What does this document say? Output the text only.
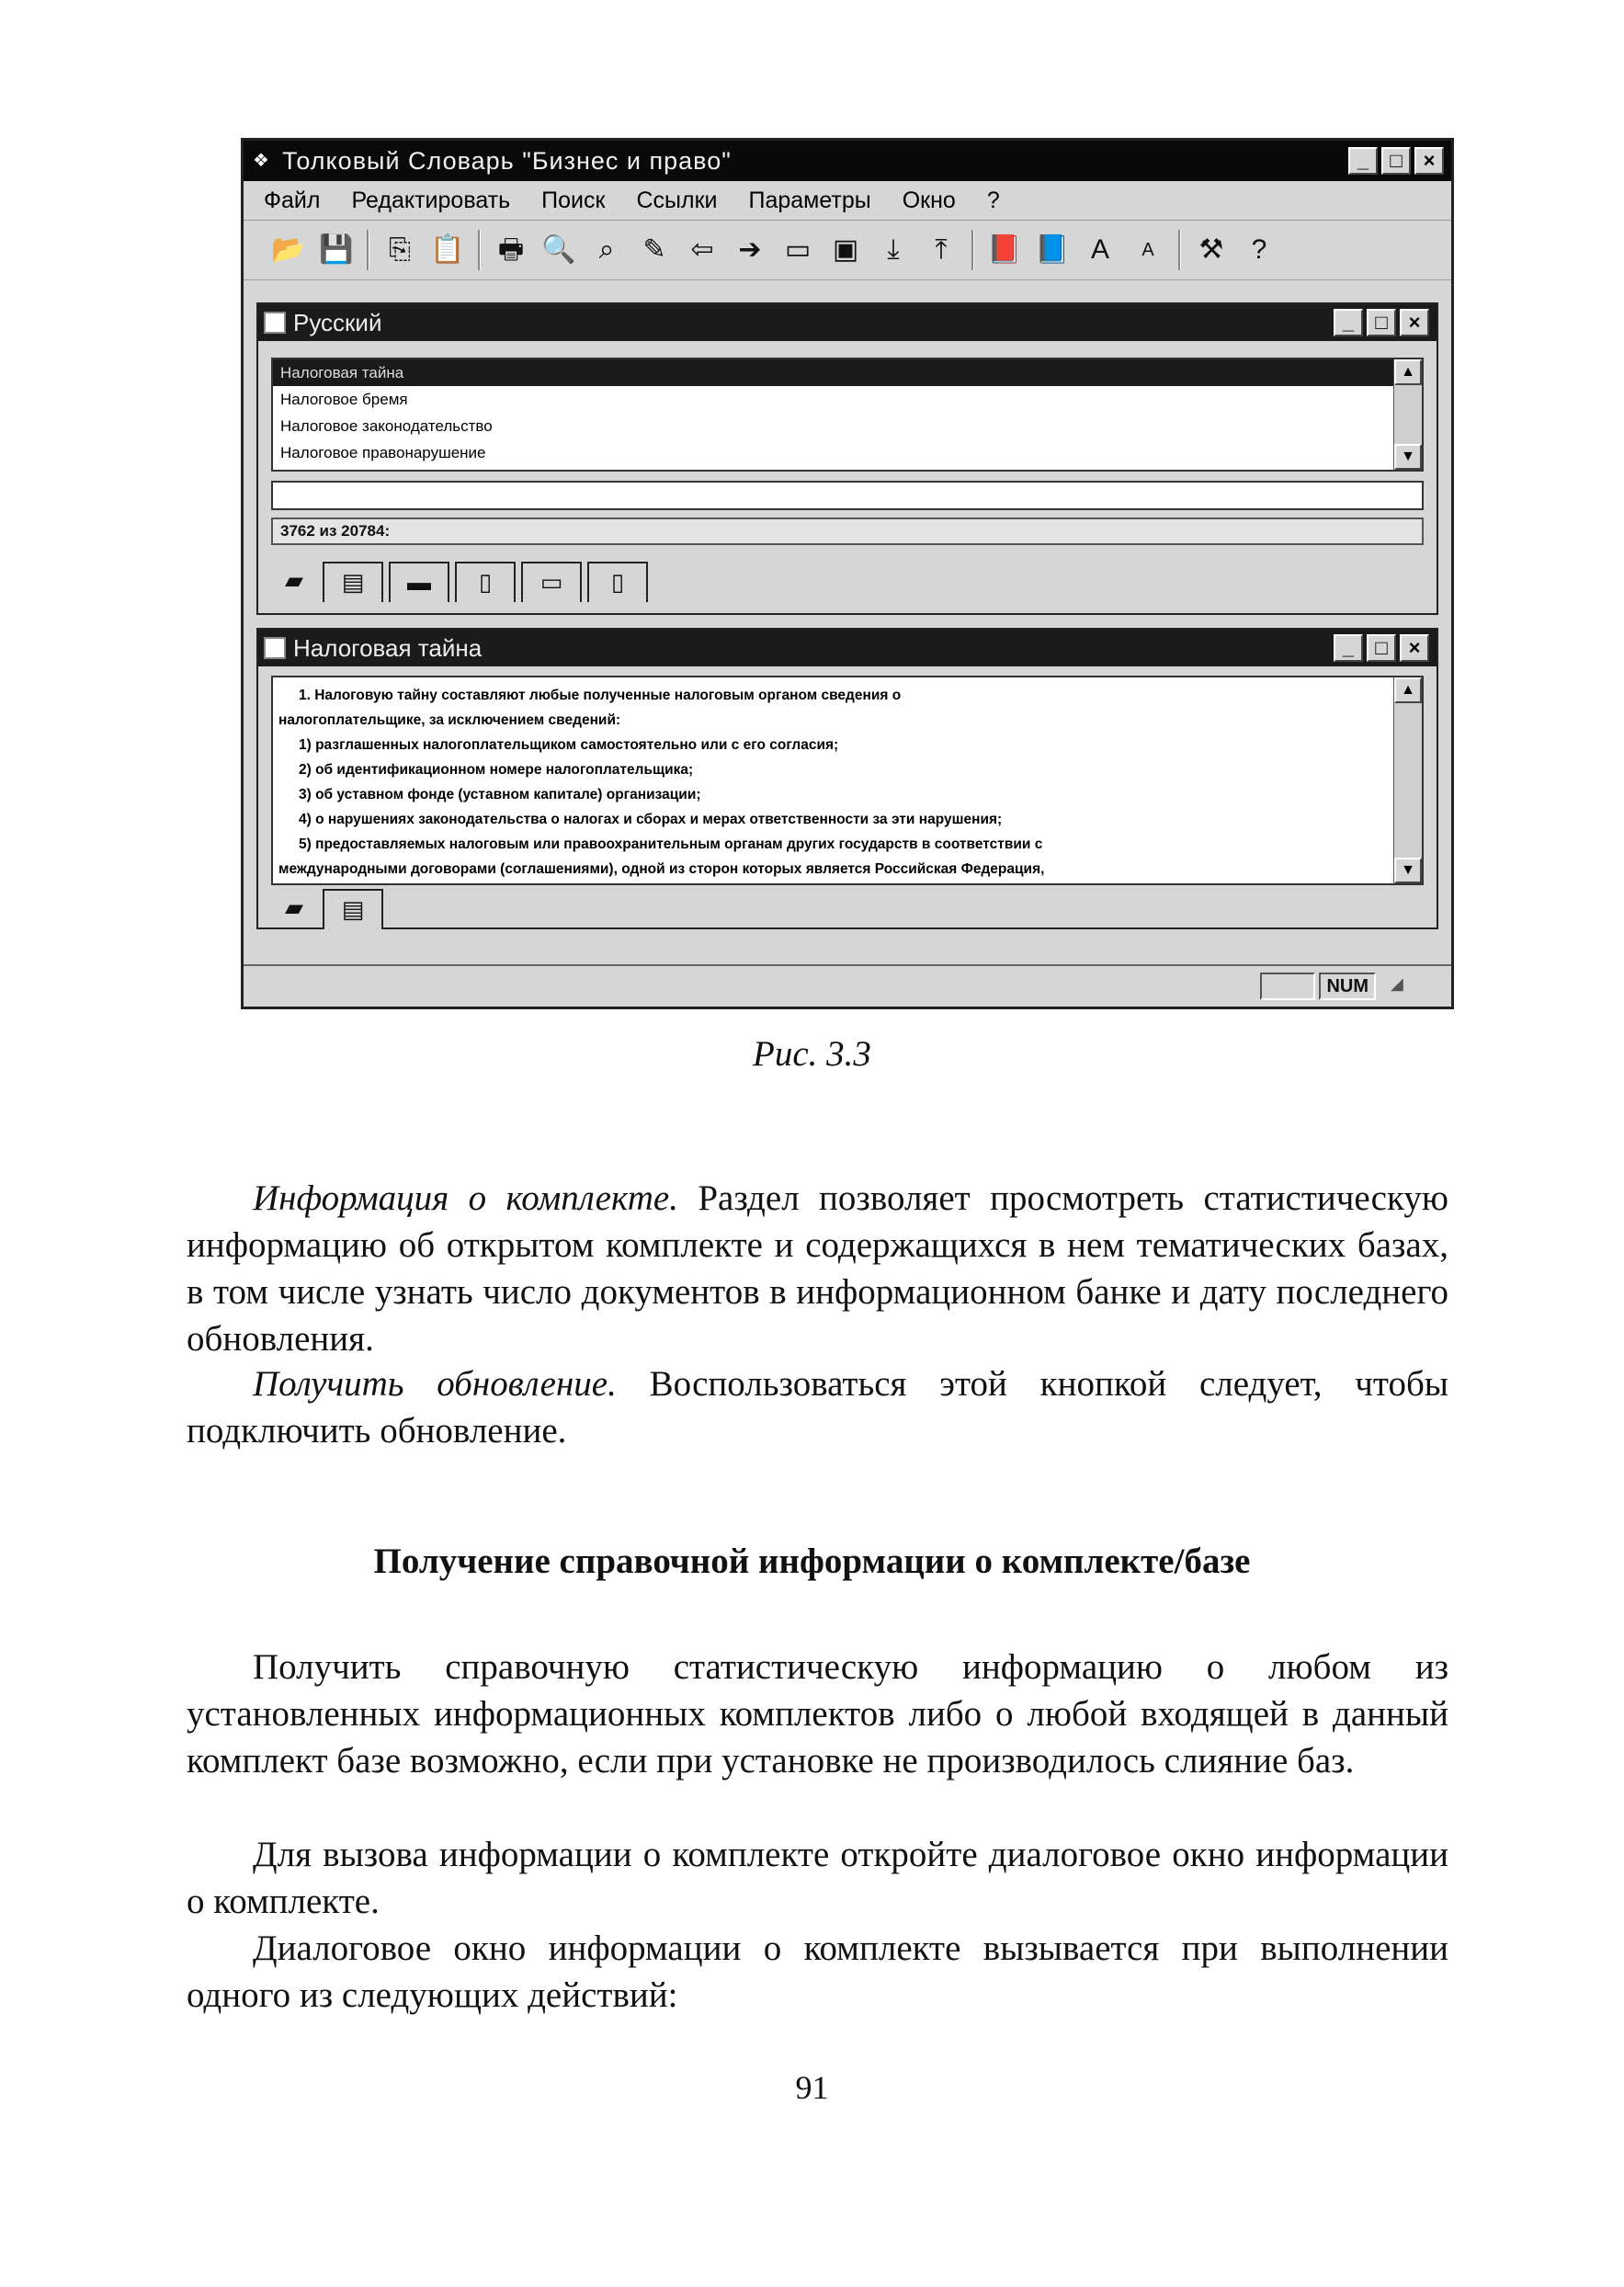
❖ Толковый Словарь "Бизнес и право"	_	□	×
Файл Редактировать Поиск Ссылки Параметры Окно ?
📂 💾 ⎘ 📋 🖶 🔍 ⌕	✎ ⇦ ➔ ▭ ▣	⤓	⤒	📕 📘 A	A	⚒	?
Русский	_	□	×
Налоговая тайна
Налоговое бремя
Налоговое законодательство
Налоговое правонарушение
▲
▼
3762 из 20784:
▰	▤	▬	▯	▭	▯
Налоговая тайна	_	□	×
1. Налоговую тайну составляют любые полученные налоговым органом сведения о
налогоплательщике, за исключением сведений:
1) разглашенных налогоплательщиком самостоятельно или с его согласия;
2) об идентификационном номере налогоплательщика;
3) об уставном фонде (уставном капитале) организации;
4) о нарушениях законодательства о налогах и сборах и мерах ответственности за эти нарушения;
5) предоставляемых налоговым или правоохранительным органам других государств в соответствии с
международными договорами (соглашениями), одной из сторон которых является Российская Федерация,
▲
▼
▰	▤
NUM	◢
Рис. 3.3

Информация о комплекте. Раздел позволяет просмотреть статистическую информацию об открытом комплекте и содержащихся в нем тематических базах, в том числе узнать число документов в информационном банке и дату последнего обновления.

Получить обновление. Воспользоваться этой кнопкой следует, чтобы подключить обновление.

Получение справочной информации о комплекте/базе

Получить справочную статистическую информацию о любом из установленных информационных комплектов либо о любой входящей в данный комплект базе возможно, если при установке не производилось слияние баз.

Для вызова информации о комплекте откройте диалоговое окно информации о комплекте.

Диалоговое окно информации о комплекте вызывается при выполнении одного из следующих действий:

91
